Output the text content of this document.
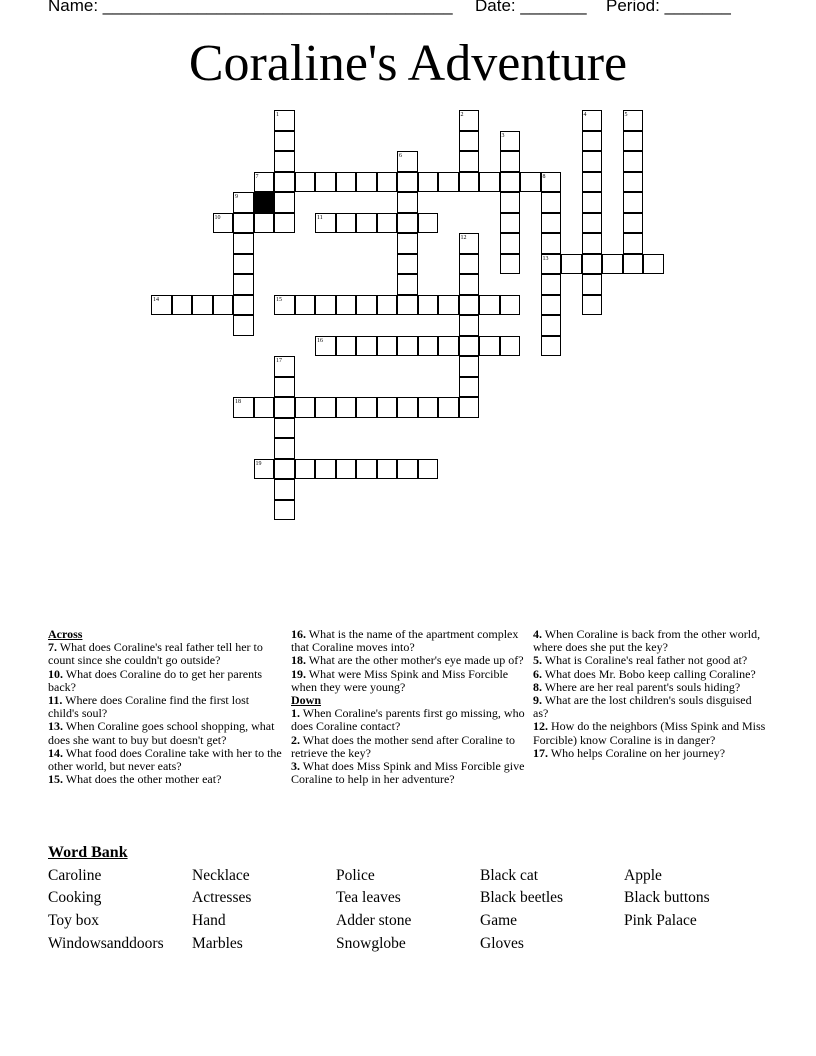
Name: _____________________________________ Date: _______ Period: _______
Coraline's Adventure
1	2
3
4	5
6
7	8
9
10	11
12
13
14	15
16
17
18
19
Across
7. What does Coraline's real father tell her to count since she couldn't go outside?
10. What does Coraline do to get her parents back?
11. Where does Coraline find the first lost child's soul?
13. When Coraline goes school shopping, what does she want to buy but doesn't get?
14. What food does Coraline take with her to the other world, but never eats?
15. What does the other mother eat?
16. What is the name of the apartment complex that Coraline moves into?
18. What are the other mother's eye made up of?
19. What were Miss Spink and Miss Forcible when they were young?
Down
1. When Coraline's parents first go missing, who does Coraline contact?
2. What does the mother send after Coraline to retrieve the key?
3. What does Miss Spink and Miss Forcible give Coraline to help in her adventure?
4. When Coraline is back from the other world, where does she put the key?
5. What is Coraline's real father not good at?
6. What does Mr. Bobo keep calling Coraline?
8. Where are her real parent's souls hiding?
9. What are the lost children's souls disguised as?
12. How do the neighbors (Miss Spink and Miss Forcible) know Coraline is in danger?
17. Who helps Coraline on her journey?
Word Bank
Caroline
Cooking
Toy box
Windowsanddoors
Necklace
Actresses
Hand
Marbles
Police
Tea leaves
Adder stone
Snowglobe
Black cat
Black beetles
Game
Gloves
Apple
Black buttons
Pink Palace
